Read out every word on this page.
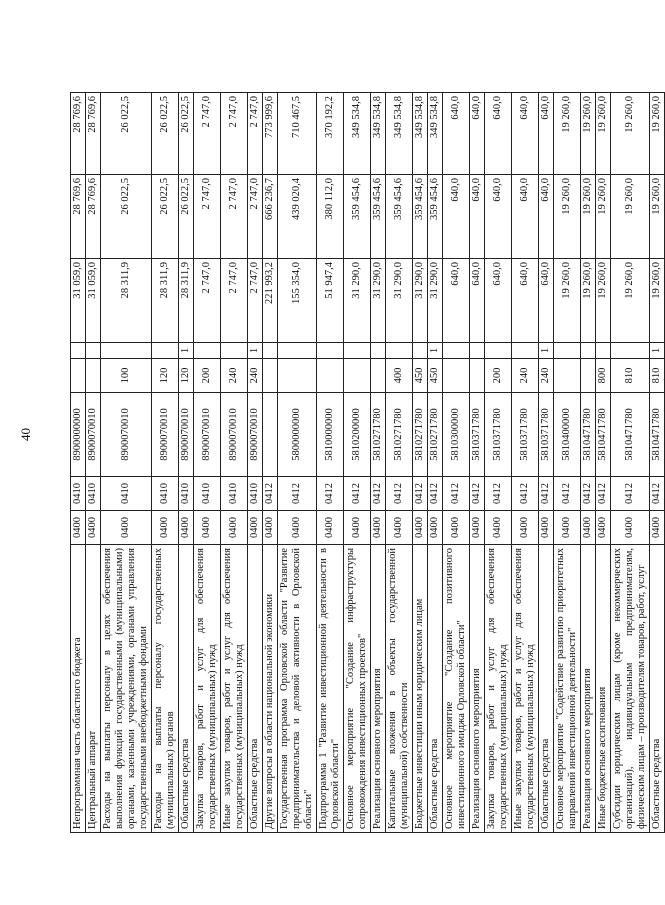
40
Непрограммная часть областного бюджета	0400	0410	8900000000			31 059,0	28 769,6	28 769,6
Центральный аппарат	0400	0410	8900070010			31 059,0	28 769,6	28 769,6
Расходы на выплаты персоналу в целях обеспечения выполнения функций государственными (муниципальными) органами, казенными учреждениями, органами управления государственными внебюджетными фондами	0400	0410	8900070010	100		28 311,9	26 022,5	26 022,5
Расходы на выплаты персоналу государственных (муниципальных) органов	0400	0410	8900070010	120		28 311,9	26 022,5	26 022,5
Областные средства	0400	0410	8900070010	120	1	28 311,9	26 022,5	26 022,5
Закупка товаров, работ и услуг для обеспечения государственных (муниципальных) нужд	0400	0410	8900070010	200		2 747,0	2 747,0	2 747,0
Иные закупки товаров, работ и услуг для обеспечения государственных (муниципальных) нужд	0400	0410	8900070010	240		2 747,0	2 747,0	2 747,0
Областные средства	0400	0410	8900070010	240	1	2 747,0	2 747,0	2 747,0
Другие вопросы в области национальной экономики	0400	0412				221 993,2	666 236,7	773 999,6
Государственная программа Орловской области "Развитие предпринимательства и деловой активности в Орловской области"	0400	0412	5800000000			155 354,0	439 020,4	710 467,5
Подпрограмма 1 "Развитие инвестиционной деятельности в Орловской области"	0400	0412	5810000000			51 947,4	380 112,0	370 192,2
Основное мероприятие "Создание инфраструктуры сопровождения инвестиционных проектов"	0400	0412	5810200000			31 290,0	359 454,6	349 534,8
Реализация основного мероприятия	0400	0412	5810271780			31 290,0	359 454,6	349 534,8
Капитальные вложения в объекты государственной (муниципальной) собственности	0400	0412	5810271780	400		31 290,0	359 454,6	349 534,8
Бюджетные инвестиции иным юридическим лицам	0400	0412	5810271780	450		31 290,0	359 454,6	349 534,8
Областные средства	0400	0412	5810271780	450	1	31 290,0	359 454,6	349 534,8
Основное мероприятие "Создание позитивного инвестиционного имиджа Орловской области"	0400	0412	5810300000			640,0	640,0	640,0
Реализация основного мероприятия	0400	0412	5810371780			640,0	640,0	640,0
Закупка товаров, работ и услуг для обеспечения государственных (муниципальных) нужд	0400	0412	5810371780	200		640,0	640,0	640,0
Иные закупки товаров, работ и услуг для обеспечения государственных (муниципальных) нужд	0400	0412	5810371780	240		640,0	640,0	640,0
Областные средства	0400	0412	5810371780	240	1	640,0	640,0	640,0
Основное мероприятие "Содействие развитию приоритетных направлений инвестиционной деятельности"	0400	0412	5810400000			19 260,0	19 260,0	19 260,0
Реализация основного мероприятия	0400	0412	5810471780			19 260,0	19 260,0	19 260,0
Иные бюджетные ассигнования	0400	0412	5810471780	800		19 260,0	19 260,0	19 260,0
Субсидии юридическим лицам (кроме некоммерческих организаций), индивидуальным предпринимателям, физическим лицам – производителям товаров, работ, услуг	0400	0412	5810471780	810		19 260,0	19 260,0	19 260,0
Областные средства	0400	0412	5810471780	810	1	19 260,0	19 260,0	19 260,0
